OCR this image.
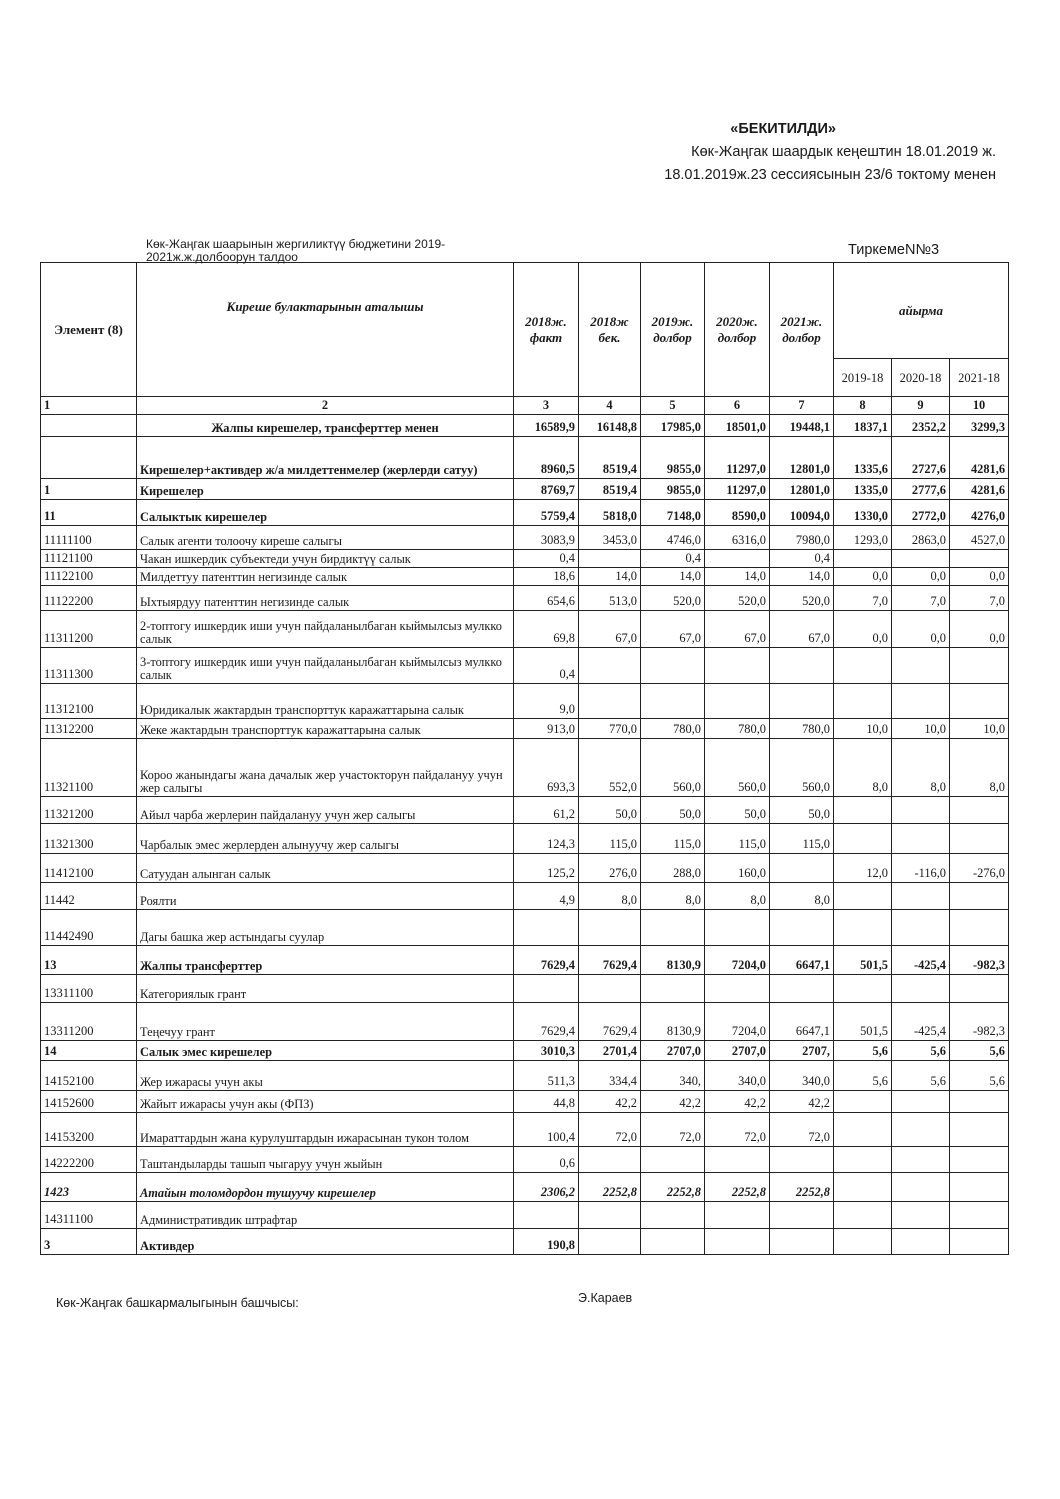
«БЕКИТИЛДИ»
Көк-Жаңгак шаардык кеңештин 18.01.2019 ж.
18.01.2019ж.23 сессиясынын 23/6 токтому менен
Көк-Жаңгак шаарынын жергиликтүү бюджетини 2019-2021ж.ж.долбоорун талдоо	ТиркемеN№3
Элемент (8)	Киреше булактарынын аталышы	2018ж. факт	2018ж бек.	2019ж. долбор	2020ж. долбор	2021ж. долбор	айырма		
							2019-18	2020-18	2021-18
1	2	3	4	5	6	7	8	9	10
	Жалпы кирешелер, трансферттер менен	16589,9	16148,8	17985,0	18501,0	19448,1	1837,1	2352,2	3299,3
	Кирешелер+активдер ж/а милдеттенмелер (жерлерди сатуу)	8960,5	8519,4	9855,0	11297,0	12801,0	1335,6	2727,6	4281,6
1	Кирешелер	8769,7	8519,4	9855,0	11297,0	12801,0	1335,0	2777,6	4281,6
11	Салыктык кирешелер	5759,4	5818,0	7148,0	8590,0	10094,0	1330,0	2772,0	4276,0
11111100	Салык агенти толоочу киреше салыгы	3083,9	3453,0	4746,0	6316,0	7980,0	1293,0	2863,0	4527,0
11121100	Чакан ишкердик субъектеди учун бирдиктүү салык	0,4		0,4		0,4			
11122100	Милдеттуу патенттин негизинде салык	18,6	14,0	14,0	14,0	14,0	0,0	0,0	0,0
11122200	Ыхтыярдуу патенттин негизинде салык	654,6	513,0	520,0	520,0	520,0	7,0	7,0	7,0
11311200	2-топтогу ишкердик иши учун пайдаланылбаган кыймылсыз мулкко салык	69,8	67,0	67,0	67,0	67,0	0,0	0,0	0,0
11311300	3-топтогу ишкердик иши учун пайдаланылбаган кыймылсыз мулкко салык	0,4							
11312100	Юридикалык жактардын транспорттук каражаттарына салык	9,0							
11312200	Жеке жактардын транспорттук каражаттарына салык	913,0	770,0	780,0	780,0	780,0	10,0	10,0	10,0
11321100	Короо жанындагы жана дачалык жер участокторун пайдалануу учун жер салыгы	693,3	552,0	560,0	560,0	560,0	8,0	8,0	8,0
11321200	Айыл чарба жерлерин пайдалануу учун жер салыгы	61,2	50,0	50,0	50,0	50,0			
11321300	Чарбалык эмес жерлерден алынуучу жер салыгы	124,3	115,0	115,0	115,0	115,0			
11412100	Сатуудан алынган салык	125,2	276,0	288,0	160,0		12,0	-116,0	-276,0
11442	Роялти	4,9	8,0	8,0	8,0	8,0			
11442490	Дагы башка жер астындагы суулар								
13	Жалпы трансферттер	7629,4	7629,4	8130,9	7204,0	6647,1	501,5	-425,4	-982,3
13311100	Категориялык грант								
13311200	Теңечуу грант	7629,4	7629,4	8130,9	7204,0	6647,1	501,5	-425,4	-982,3
14	Салык эмес кирешелер	3010,3	2701,4	2707,0	2707,0	2707,	5,6	5,6	5,6
14152100	Жер ижарасы учун акы	511,3	334,4	340,	340,0	340,0	5,6	5,6	5,6
14152600	Жайыт ижарасы учун акы (ФПЗ)	44,8	42,2	42,2	42,2	42,2			
14153200	Имараттардын жана курулуштардын ижарасынан тукон толом	100,4	72,0	72,0	72,0	72,0			
14222200	Таштандыларды ташып чыгаруу учун жыйын	0,6							
1423	Атайын толомдордон тушуучу кирешелер	2306,2	2252,8	2252,8	2252,8	2252,8			
14311100	Административдик штрафтар								
3	Активдер	190,8							
Көк-Жаңгак башкармалыгынын башчысы:	Э.Караев
